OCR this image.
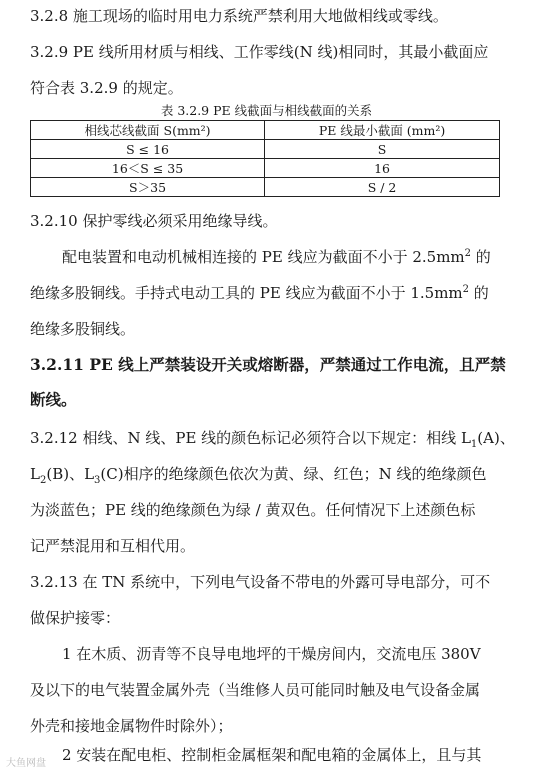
3.2.8 施工现场的临时用电力系统严禁利用大地做相线或零线。
3.2.9 PE 线所用材质与相线、工作零线(N 线)相同时，其最小截面应
符合表 3.2.9 的规定。
表 3.2.9 PE 线截面与相线截面的关系
相线芯线截面 S(mm²)	PE 线最小截面 (mm²)
S ≤ 16	S
16＜S ≤ 35	16
S＞35	S / 2
3.2.10 保护零线必须采用绝缘导线。
配电装置和电动机械相连接的 PE 线应为截面不小于 $2.5mm^2$ 的
绝缘多股铜线。手持式电动工具的 PE 线应为截面不小于 $1.5mm^2$ 的
绝缘多股铜线。
3.2.11 PE 线上严禁装设开关或熔断器，严禁通过工作电流，且严禁
断线。
3.2.12 相线、N 线、PE 线的颜色标记必须符合以下规定：相线 $L_1(A)$、
$L_2(B)$、$L_3(C)$相序的绝缘颜色依次为黄、绿、红色；N 线的绝缘颜色
为淡蓝色；PE 线的绝缘颜色为绿 / 黄双色。任何情况下上述颜色标
记严禁混用和互相代用。
3.2.13 在 TN 系统中，下列电气设备不带电的外露可导电部分，可不
做保护接零：
1 在木质、沥青等不良导电地坪的干燥房间内，交流电压 380V
及以下的电气装置金属外壳（当维修人员可能同时触及电气设备金属
外壳和接地金属物件时除外）；
2 安装在配电柜、控制柜金属框架和配电箱的金属体上，且与其
大鱼网盘
